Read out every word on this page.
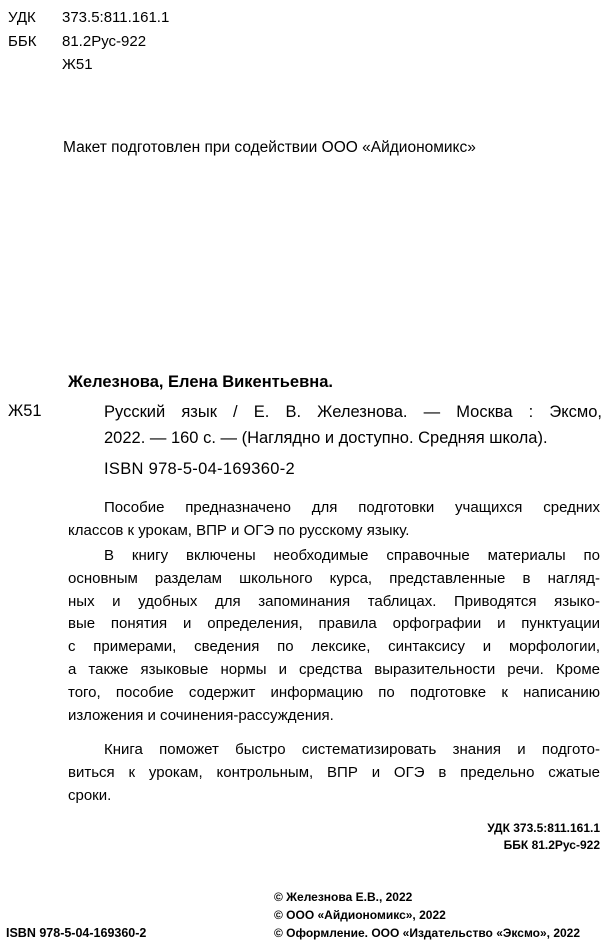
УДК 373.5:811.161.1
ББК 81.2Рус-922
Ж51
Макет подготовлен при содействии ООО «Айдиономикс»
Железнова, Елена Викентьевна.
Ж51	Русский язык / Е. В. Железнова. — Москва : Эксмо,
2022. — 160 с. — (Наглядно и доступно. Средняя школа).
ISBN 978-5-04-169360-2
Пособие предназначено для подготовки учащихся средних
классов к урокам, ВПР и ОГЭ по русскому языку.
В книгу включены необходимые справочные материалы по
основным разделам школьного курса, представленные в нагляд-
ных и удобных для запоминания таблицах. Приводятся языко-
вые понятия и определения, правила орфографии и пунктуации
с примерами, сведения по лексике, синтаксису и морфологии,
а также языковые нормы и средства выразительности речи. Кроме
того, пособие содержит информацию по подготовке к написанию
изложения и сочинения-рассуждения.
Книга поможет быстро систематизировать знания и подгото-
виться к урокам, контрольным, ВПР и ОГЭ в предельно сжатые
сроки.
УДК 373.5:811.161.1
ББК 81.2Рус-922
© Железнова Е.В., 2022
© ООО «Айдиономикс», 2022
© Оформление. ООО «Издательство «Эксмо», 2022
ISBN 978-5-04-169360-2
